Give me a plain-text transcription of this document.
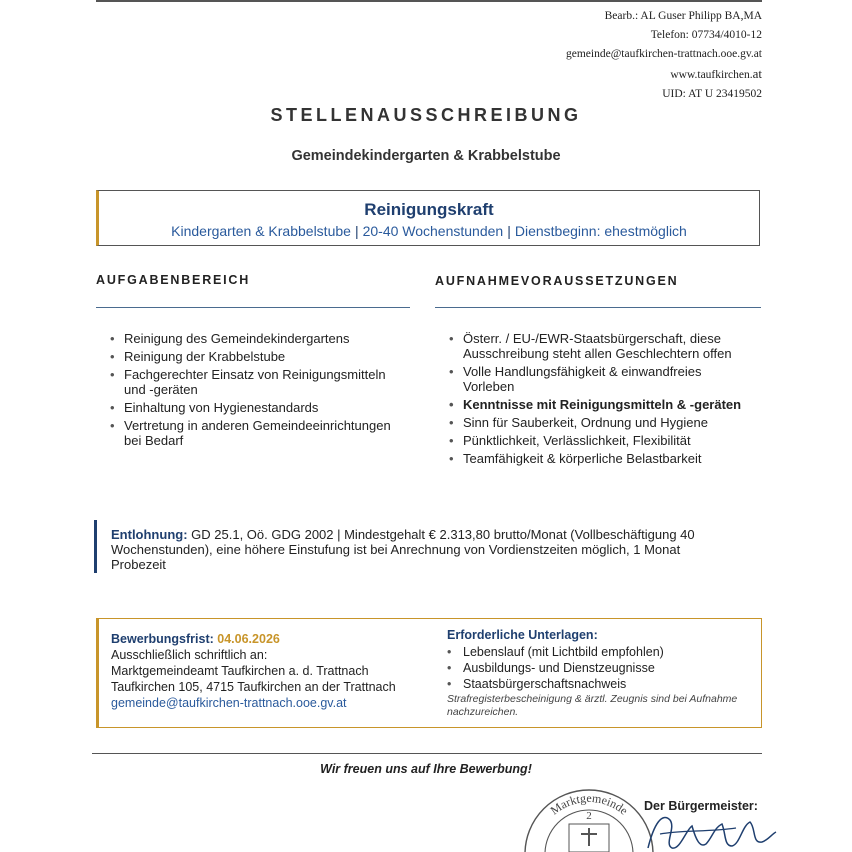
Bearb.: AL Guser Philipp BA,MA
Telefon: 07734/4010-12
gemeinde@taufkirchen-trattnach.ooe.gv.at
www.taufkirchen.at
UID: AT U 23419502
STELLENAUSSCHREIBUNG
Gemeindekindergarten & Krabbelstube
Reinigungskraft
Kindergarten & Krabbelstube | 20-40 Wochenstunden | Dienstbeginn: ehestmöglich
AUFGABENBEREICH
• Reinigung des Gemeindekindergartens
• Reinigung der Krabbelstube
• Fachgerechter Einsatz von Reinigungsmitteln und -geräten
• Einhaltung von Hygienestandards
• Vertretung in anderen Gemeindeeinrichtungen bei Bedarf
AUFNAHMEVORAUSSETZUNGEN
• Österr. / EU-/EWR-Staatsbürgerschaft, diese Ausschreibung steht allen Geschlechtern offen
• Volle Handlungsfähigkeit & einwandfreies Vorleben
• Kenntnisse mit Reinigungsmitteln & -geräten
• Sinn für Sauberkeit, Ordnung und Hygiene
• Pünktlichkeit, Verlässlichkeit, Flexibilität
• Teamfähigkeit & körperliche Belastbarkeit
Entlohnung: GD 25.1, Oö. GDG 2002 | Mindestgehalt € 2.313,80 brutto/Monat (Vollbeschäftigung 40 Wochenstunden), eine höhere Einstufung ist bei Anrechnung von Vordienstzeiten möglich, 1 Monat Probezeit
Bewerbungsfrist: 04.06.2026
Ausschließlich schriftlich an:
Marktgemeindeamt Taufkirchen a. d. Trattnach
Taufkirchen 105, 4715 Taufkirchen an der Trattnach
gemeinde@taufkirchen-trattnach.ooe.gv.at
Erforderliche Unterlagen:
• Lebenslauf (mit Lichtbild empfohlen)
• Ausbildungs- und Dienstzeugnisse
• Staatsbürgerschaftsnachweis
Strafregisterbescheinigung & ärztl. Zeugnis sind bei Aufnahme nachzureichen.
Wir freuen uns auf Ihre Bewerbung!
Marktgemeinde
2
Der Bürgermeister:
